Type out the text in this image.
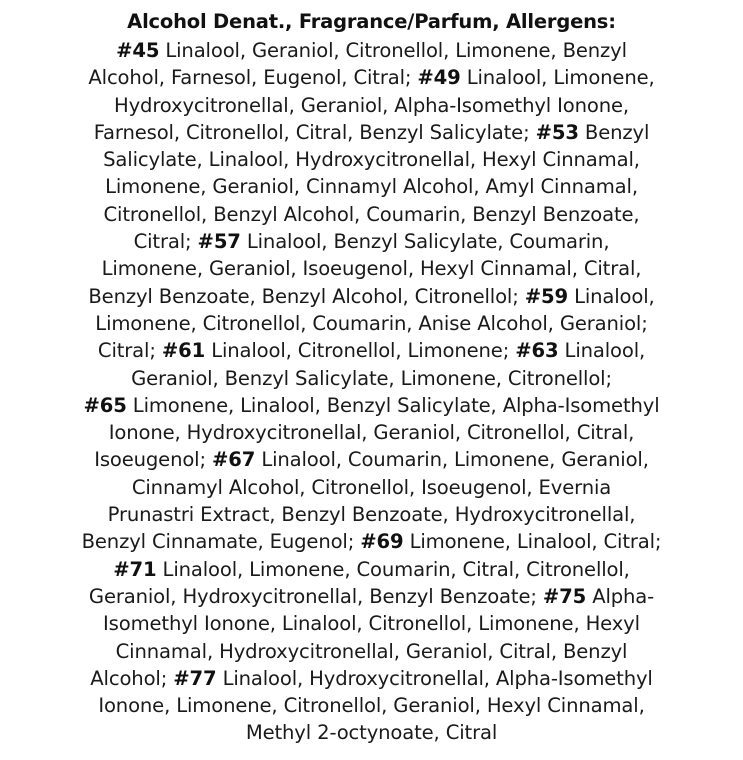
Alcohol Denat., Fragrance/Parfum, Allergens:
#45 Linalool, Geraniol, Citronellol, Limonene, Benzyl
Alcohol, Farnesol, Eugenol, Citral; #49 Linalool, Limonene,
Hydroxycitronellal, Geraniol, Alpha-Isomethyl Ionone,
Farnesol, Citronellol, Citral, Benzyl Salicylate; #53 Benzyl
Salicylate, Linalool, Hydroxycitronellal, Hexyl Cinnamal,
Limonene, Geraniol, Cinnamyl Alcohol, Amyl Cinnamal,
Citronellol, Benzyl Alcohol, Coumarin, Benzyl Benzoate,
Citral; #57 Linalool, Benzyl Salicylate, Coumarin,
Limonene, Geraniol, Isoeugenol, Hexyl Cinnamal, Citral,
Benzyl Benzoate, Benzyl Alcohol, Citronellol; #59 Linalool,
Limonene, Citronellol, Coumarin, Anise Alcohol, Geraniol;
Citral; #61 Linalool, Citronellol, Limonene; #63 Linalool,
Geraniol, Benzyl Salicylate, Limonene, Citronellol;
#65 Limonene, Linalool, Benzyl Salicylate, Alpha-Isomethyl
Ionone, Hydroxycitronellal, Geraniol, Citronellol, Citral,
Isoeugenol; #67 Linalool, Coumarin, Limonene, Geraniol,
Cinnamyl Alcohol, Citronellol, Isoeugenol, Evernia
Prunastri Extract, Benzyl Benzoate, Hydroxycitronellal,
Benzyl Cinnamate, Eugenol; #69 Limonene, Linalool, Citral;
#71 Linalool, Limonene, Coumarin, Citral, Citronellol,
Geraniol, Hydroxycitronellal, Benzyl Benzoate; #75 Alpha-
Isomethyl Ionone, Linalool, Citronellol, Limonene, Hexyl
Cinnamal, Hydroxycitronellal, Geraniol, Citral, Benzyl
Alcohol; #77 Linalool, Hydroxycitronellal, Alpha-Isomethyl
Ionone, Limonene, Citronellol, Geraniol, Hexyl Cinnamal,
Methyl 2-octynoate, Citral
